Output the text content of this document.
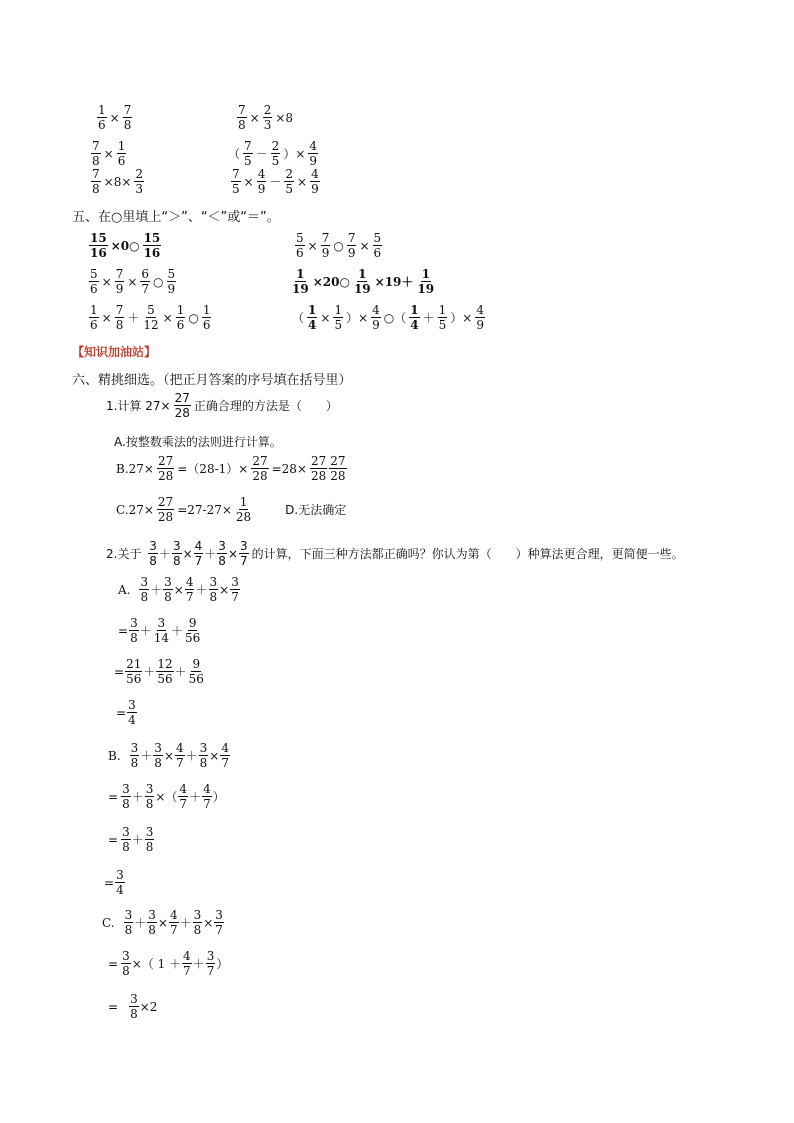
$\frac{1}{6} \times \frac{7}{8}$	$\frac{7}{8} \times \frac{2}{3} \times 8$
$\frac{7}{8} \times \frac{1}{6}$	（ $\frac{7}{5} - \frac{2}{5}$ ）× $\frac{4}{9}$
$\frac{7}{8} \times 8\times \frac{2}{3}$	$\frac{7}{5} \times \frac{4}{9} - \frac{2}{5} \times \frac{4}{9}$
五、在○里填上“＞”、“＜”或“＝”。
$\frac{15}{16}$ ×0○ $\frac{15}{16}$	$\frac{5}{6} \times \frac{7}{9}$ ○ $\frac{7}{9} \times \frac{5}{6}$
$\frac{5}{6} \times \frac{7}{9} \times \frac{6}{7}$ ○ $\frac{5}{9}$	$\frac{1}{19}$ ×20○ $\frac{1}{19} \times 19+ \frac{1}{19}$
$\frac{1}{6} \times \frac{7}{8} + \frac{5}{12} \times \frac{1}{6}$ ○ $\frac{1}{6}$	（ $\frac{1}{4} \times \frac{1}{5}$ ）× $\frac{4}{9}$ ○（ $\frac{1}{4} + \frac{1}{5}$ ）× $\frac{4}{9}$
【知识加油站】
六、精挑细选。（把正月答案的序号填在括号里）
1.计算 $27\times \frac{27}{28}$ 正确合理的方法是（　　）
A.按整数乘法的法则进行计算。
$B.27\times \frac{27}{28} =(28-1)\times \frac{27}{28} =28\times \frac{27}{28} \frac{27}{28}$
$C.27\times \frac{27}{28} =27-27\times \frac{1}{28}$	D.无法确定
2.关于 $\frac{3}{8} + \frac{3}{8} \times \frac{4}{7} + \frac{3}{8} \times \frac{3}{7}$ 的计算，下面三种方法都正确吗？你认为第（　　）种算法更合理，更简便一些。
A. $\frac{3}{8} + \frac{3}{8} \times \frac{4}{7} + \frac{3}{8} \times \frac{3}{7}$
= $\frac{3}{8} + \frac{3}{14} + \frac{9}{56}$
= $\frac{21}{56} + \frac{12}{56} + \frac{9}{56}$
= $\frac{3}{4}$
B. $\frac{3}{8} + \frac{3}{8} \times \frac{4}{7} + \frac{3}{8} \times \frac{4}{7}$
= $\frac{3}{8} + \frac{3}{8}$ ×（ $\frac{4}{7} + \frac{4}{7}$ ）
= $\frac{3}{8} + \frac{3}{8}$
= $\frac{3}{4}$
C. $\frac{3}{8} + \frac{3}{8} \times \frac{4}{7} + \frac{3}{8} \times \frac{3}{7}$
= $\frac{3}{8}$ ×（ $1 + \frac{4}{7} + \frac{3}{7}$ ）
= $\frac{3}{8} \times 2$
